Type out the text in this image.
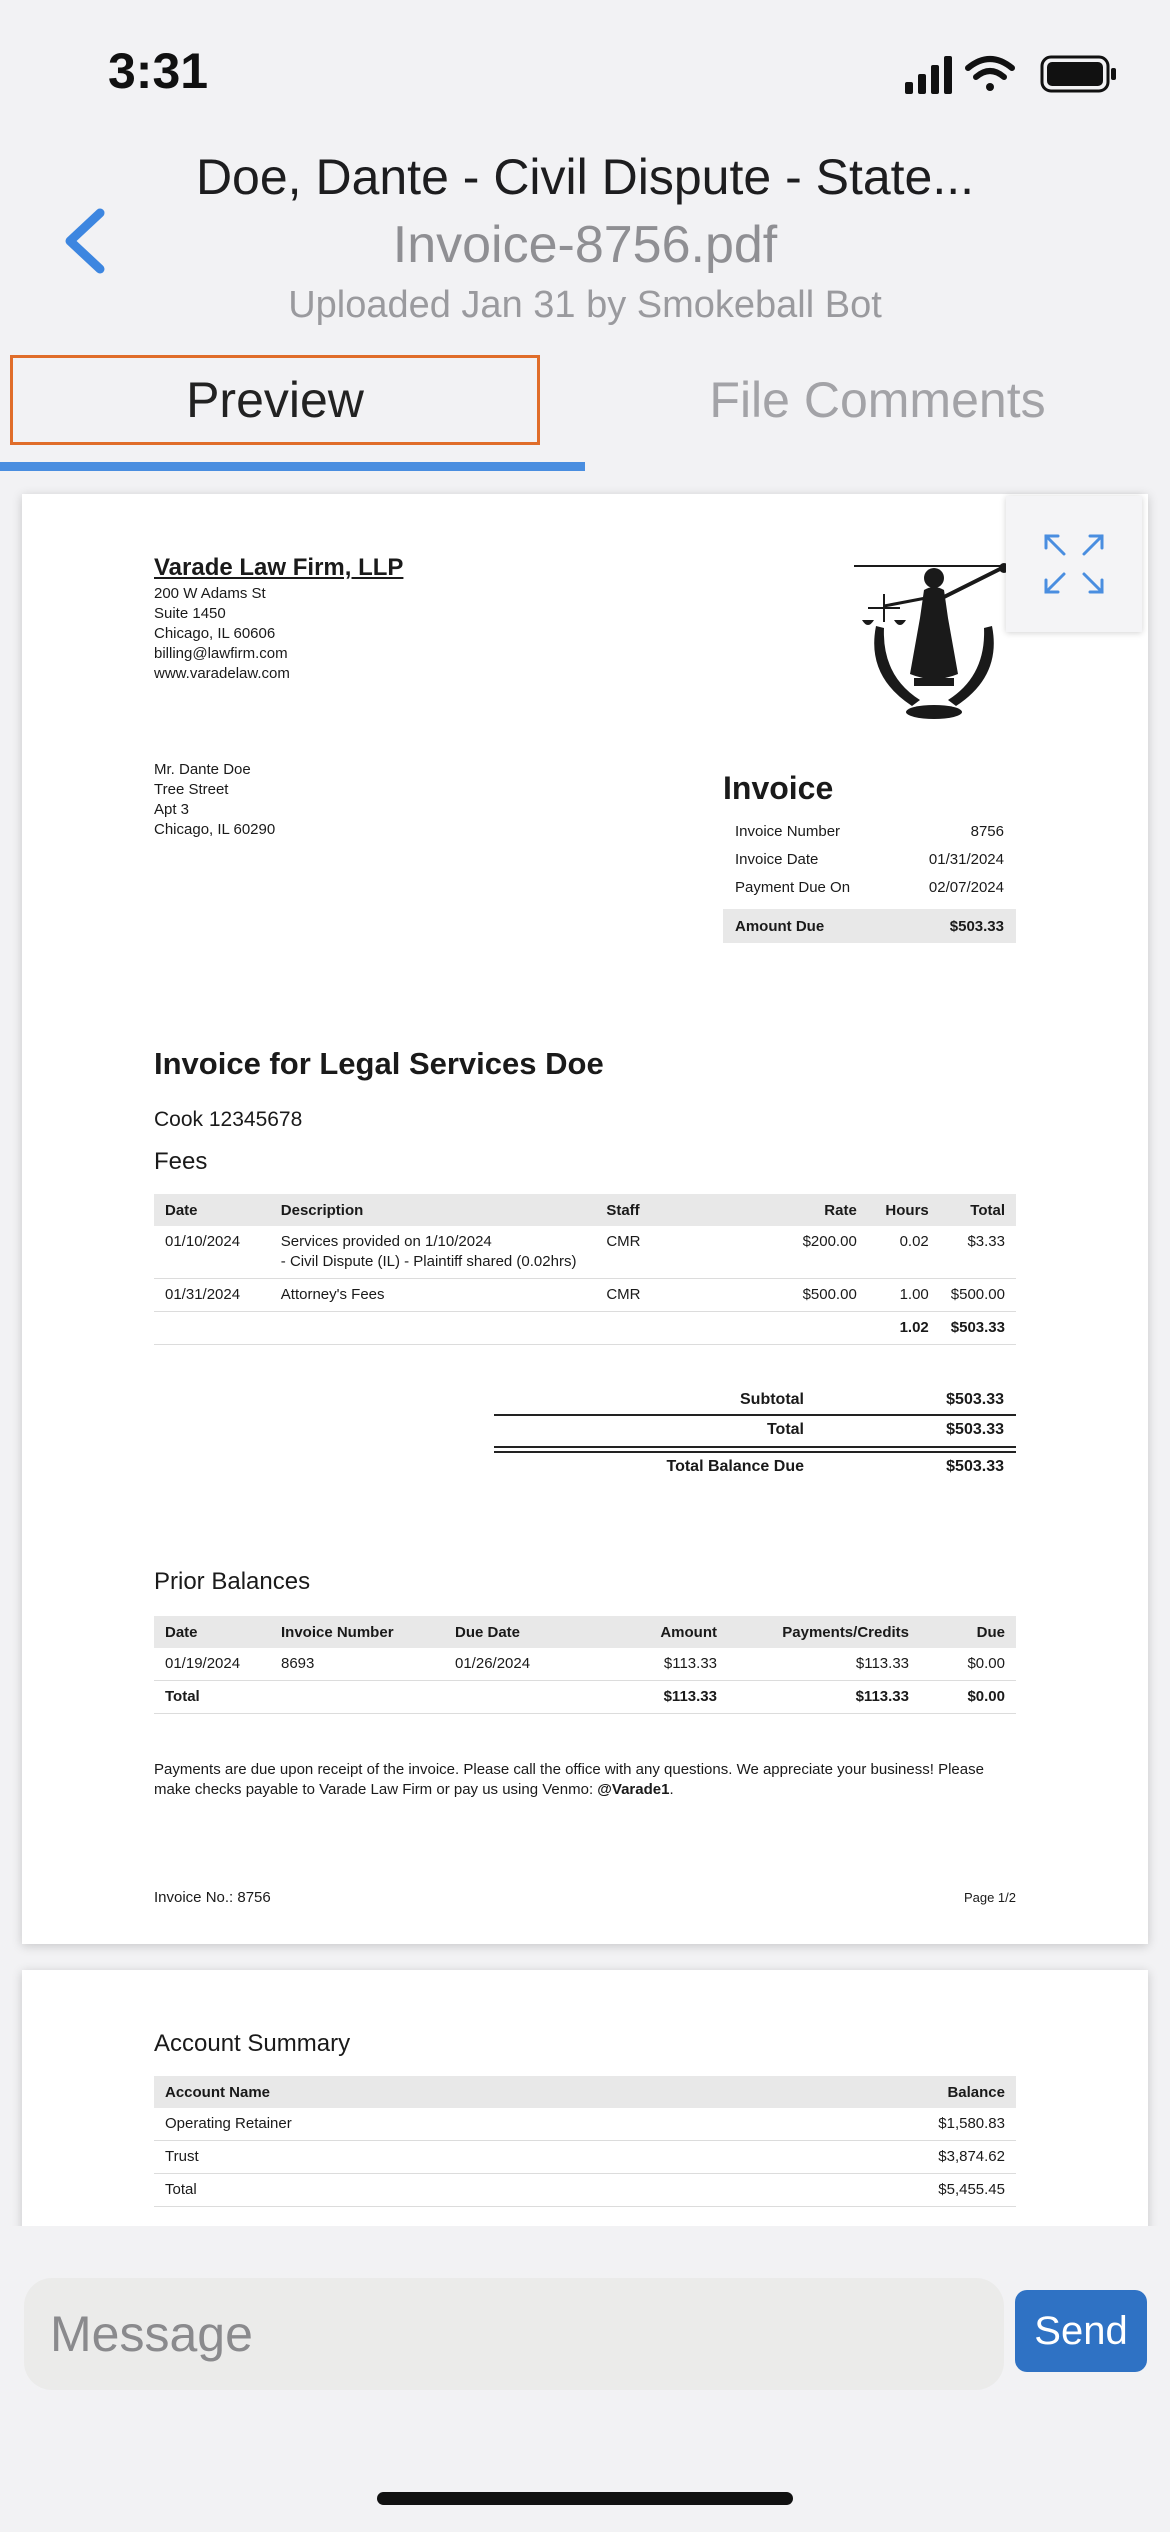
3:31
Doe, Dante - Civil Dispute - State...
Invoice-8756.pdf
Uploaded Jan 31 by Smokeball Bot
Preview	File Comments
Varade Law Firm, LLP
200 W Adams St
Suite 1450
Chicago, IL 60606
billing@lawfirm.com
www.varadelaw.com
Mr. Dante Doe
Tree Street
Apt 3
Chicago, IL 60290
Invoice
Invoice Number	8756
Invoice Date	01/31/2024
Payment Due On	02/07/2024
Amount Due	$503.33
Invoice for Legal Services Doe
Cook 12345678
Fees
Date	Description	Staff	Rate	Hours	Total
01/10/2024	Services provided on 1/10/2024
- Civil Dispute (IL) - Plaintiff shared (0.02hrs)	CMR	$200.00	0.02	$3.33
01/31/2024	Attorney's Fees	CMR	$500.00	1.00	$500.00
				1.02	$503.33
Subtotal	$503.33
Total	$503.33
Total Balance Due	$503.33
Prior Balances
Date	Invoice Number	Due Date	Amount	Payments/Credits	Due
01/19/2024	8693	01/26/2024	$113.33	$113.33	$0.00
Total			$113.33	$113.33	$0.00
Payments are due upon receipt of the invoice. Please call the office with any questions. We appreciate your business! Please make checks payable to Varade Law Firm or pay us using Venmo: @Varade1.
Invoice No.: 8756	Page 1/2
Account Summary
Account Name	Balance
Operating Retainer	$1,580.83
Trust	$3,874.62
Total	$5,455.45
Message
Send
